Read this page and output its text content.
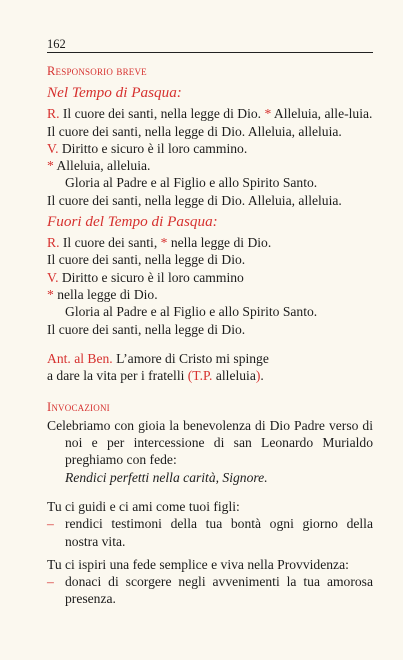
162
Responsorio breve
Nel Tempo di Pasqua:

R. Il cuore dei santi, nella legge di Dio. * Alleluia, alle-luia.

Il cuore dei santi, nella legge di Dio. Alleluia, alleluia.

V. Diritto e sicuro è il loro cammino.

* Alleluia, alleluia.

Gloria al Padre e al Figlio e allo Spirito Santo.

Il cuore dei santi, nella legge di Dio. Alleluia, alleluia.

Fuori del Tempo di Pasqua:

R. Il cuore dei santi, * nella legge di Dio.

Il cuore dei santi, nella legge di Dio.

V. Diritto e sicuro è il loro cammino

* nella legge di Dio.

Gloria al Padre e al Figlio e allo Spirito Santo.

Il cuore dei santi, nella legge di Dio.

Ant. al Ben. L’amore di Cristo mi spinge

a dare la vita per i fratelli (T.P. alleluia).

Invocazioni

Celebriamo con gioia la benevolenza di Dio Padre verso di noi e per intercessione di san Leonardo Murialdo preghiamo con fede:
Rendici perfetti nella carità, Signore.

Tu ci guidi e ci ami come tuoi figli:

– rendici testimoni della tua bontà ogni giorno della nostra vita.

Tu ci ispiri una fede semplice e viva nella Provvidenza:

– donaci di scorgere negli avvenimenti la tua amorosa presenza.
